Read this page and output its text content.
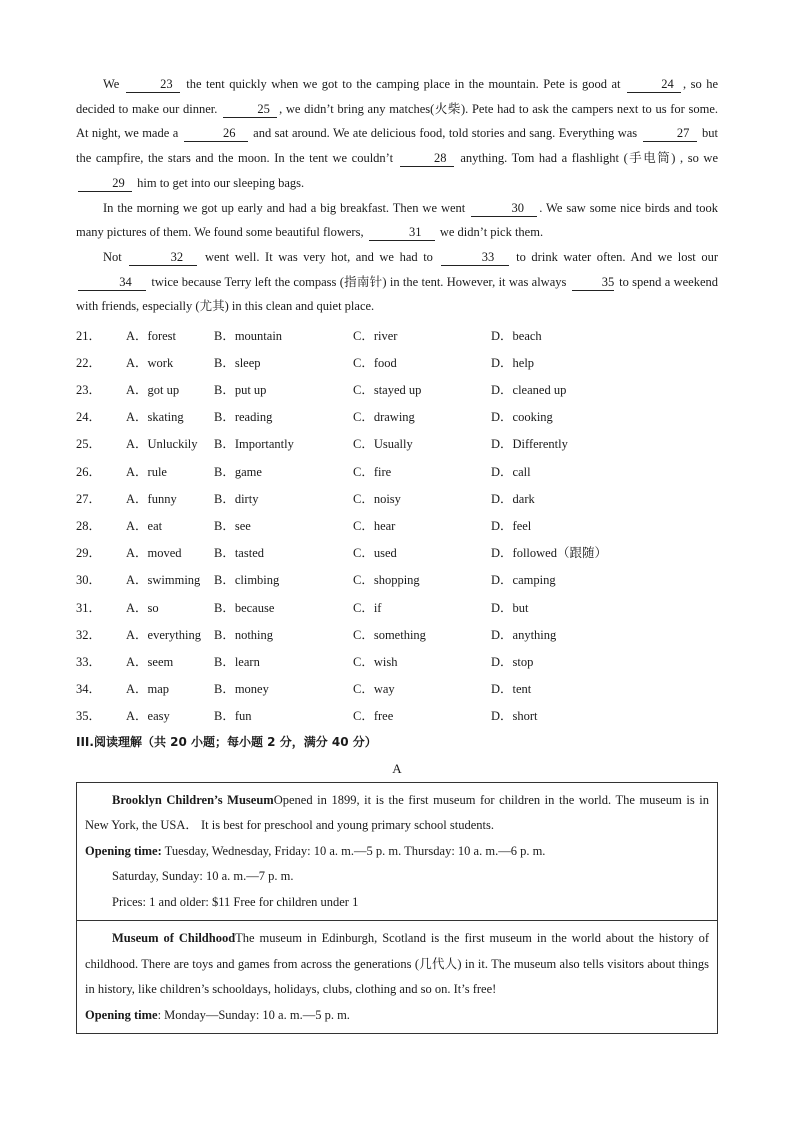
We	23 the tent quickly when we got to the camping place in the mountain. Pete is good at	24 , so he decided to make our dinner.	25 , we didn’t bring any matches(火柴). Pete had to ask the campers next to us for some. At night, we made a	26 and sat around. We ate delicious food, told stories and sang. Everything was	27 but the campfire, the stars and the moon. In the tent we couldn’t	28 anything. Tom had a flashlight (手电筒) , so we 29 him to get into our sleeping bags.

In the morning we got up early and had a big breakfast. Then we went	30 . We saw some nice birds and took many pictures of them. We found some beautiful flowers,	31 we didn’t pick them.

Not	32 went well. It was very hot, and we had to	33 to drink water often. And we lost our 34 twice because Terry left the compass (指南针) in the tent. However, it was always	35 to spend a weekend with friends, especially (尤其) in this clean and quiet place.

21．	A．forest	B．mountain	C．river	D．beach
22．	A．work	B．sleep	C．food	D．help
23．	A．got up	B．put up	C．stayed up	D．cleaned up
24．	A．skating	B．reading	C．drawing	D．cooking
25．	A．Unluckily	B．Importantly	C．Usually	D．Differently
26．	A．rule	B．game	C．fire	D．call
27．	A．funny	B．dirty	C．noisy	D．dark
28．	A．eat	B．see	C．hear	D．feel
29．	A．moved	B．tasted	C．used	D．followed（跟随）
30．	A．swimming	B．climbing	C．shopping	D．camping
31．	A．so	B．because	C．if	D．but
32．	A．everything	B．nothing	C．something	D．anything
33．	A．seem	B．learn	C．wish	D．stop
34．	A．map	B．money	C．way	D．tent
35．	A．easy	B．fun	C．free	D．short
III.阅读理解（共 20 小题；每小题 2 分，满分 40 分）
A

Brooklyn Children’s MuseumOpened in 1899, it is the first museum for children in the world. The museum is in New York, the USA． It is best for preschool and young primary school students.

Opening time: Tuesday, Wednesday, Friday: 10 a. m.—5 p. m. Thursday: 10 a. m.—6 p. m.

Saturday, Sunday: 10 a. m.—7 p. m.

Prices: 1 and older: $11 Free for children under 1

Museum of ChildhoodThe museum in Edinburgh, Scotland is the first museum in the world about the history of childhood. There are toys and games from across the generations (几代人) in it. The museum also tells visitors about things in history, like children’s schooldays, holidays, clubs, clothing and so on. It’s free!

Opening time: Monday—Sunday: 10 a. m.—5 p. m.
